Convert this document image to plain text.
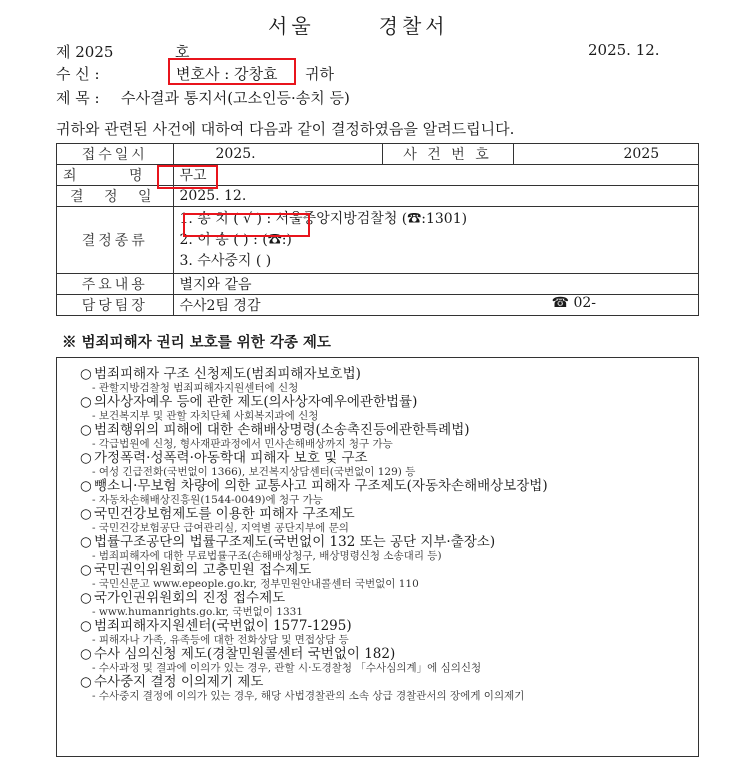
서울	경찰서
제 2025	호	2025. 12.
수 신 :	변호사 : 강창효 귀하
제 목 : 수사결과 통지서(고소인등·송치 등)
귀하와 관련된 사건에 대하여 다음과 같이 결정하였음을 알려드립니다.
접수일시	2025.	사 건 번 호	2025
죄 명	무고		
결 정 일	2025. 12.		
결정종류	1. 송 치 ( √ ) : 서울중앙지방검찰청 (☎:1301)
2. 이 송 ( ) : (☎:)
3. 수사중지 ( )		

주요내용	별지와 같음		
담당팀장	수사2팀 경감 ☎ 02-		
※ 범죄피해자 권리 보호를 위한 각종 제도
○ 범죄피해자 구조 신청제도(범죄피해자보호법)
- 관할지방검찰청 범죄피해자지원센터에 신청
○ 의사상자예우 등에 관한 제도(의사상자예우에관한법률)
- 보건복지부 및 관할 자치단체 사회복지과에 신청
○ 범죄행위의 피해에 대한 손해배상명령(소송촉진등에관한특례법)
- 각급법원에 신청, 형사재판과정에서 민사손해배상까지 청구 가능
○ 가정폭력·성폭력·아동학대 피해자 보호 및 구조
- 여성 긴급전화(국번없이 1366), 보건복지상담센터(국번없이 129) 등
○ 뺑소니·무보험 차량에 의한 교통사고 피해자 구조제도(자동차손해배상보장법)
- 자동차손해배상진흥원(1544-0049)에 청구 가능
○ 국민건강보험제도를 이용한 피해자 구조제도
- 국민건강보험공단 급여관리실, 지역별 공단지부에 문의
○ 법률구조공단의 법률구조제도(국번없이 132 또는 공단 지부·출장소)
- 범죄피해자에 대한 무료법률구조(손해배상청구, 배상명령신청 소송대리 등)
○ 국민권익위원회의 고충민원 접수제도
- 국민신문고 www.epeople.go.kr, 정부민원안내콜센터 국번없이 110
○ 국가인권위원회의 진정 접수제도
- www.humanrights.go.kr, 국번없이 1331
○ 범죄피해자지원센터(국번없이 1577-1295)
- 피해자나 가족, 유족등에 대한 전화상담 및 면접상담 등
○ 수사 심의신청 제도(경찰민원콜센터 국번없이 182)
- 수사과정 및 결과에 이의가 있는 경우, 관할 시·도경찰청 「수사심의계」에 심의신청
○ 수사중지 결정 이의제기 제도
- 수사중지 결정에 이의가 있는 경우, 해당 사법경찰관의 소속 상급 경찰관서의 장에게 이의제기
